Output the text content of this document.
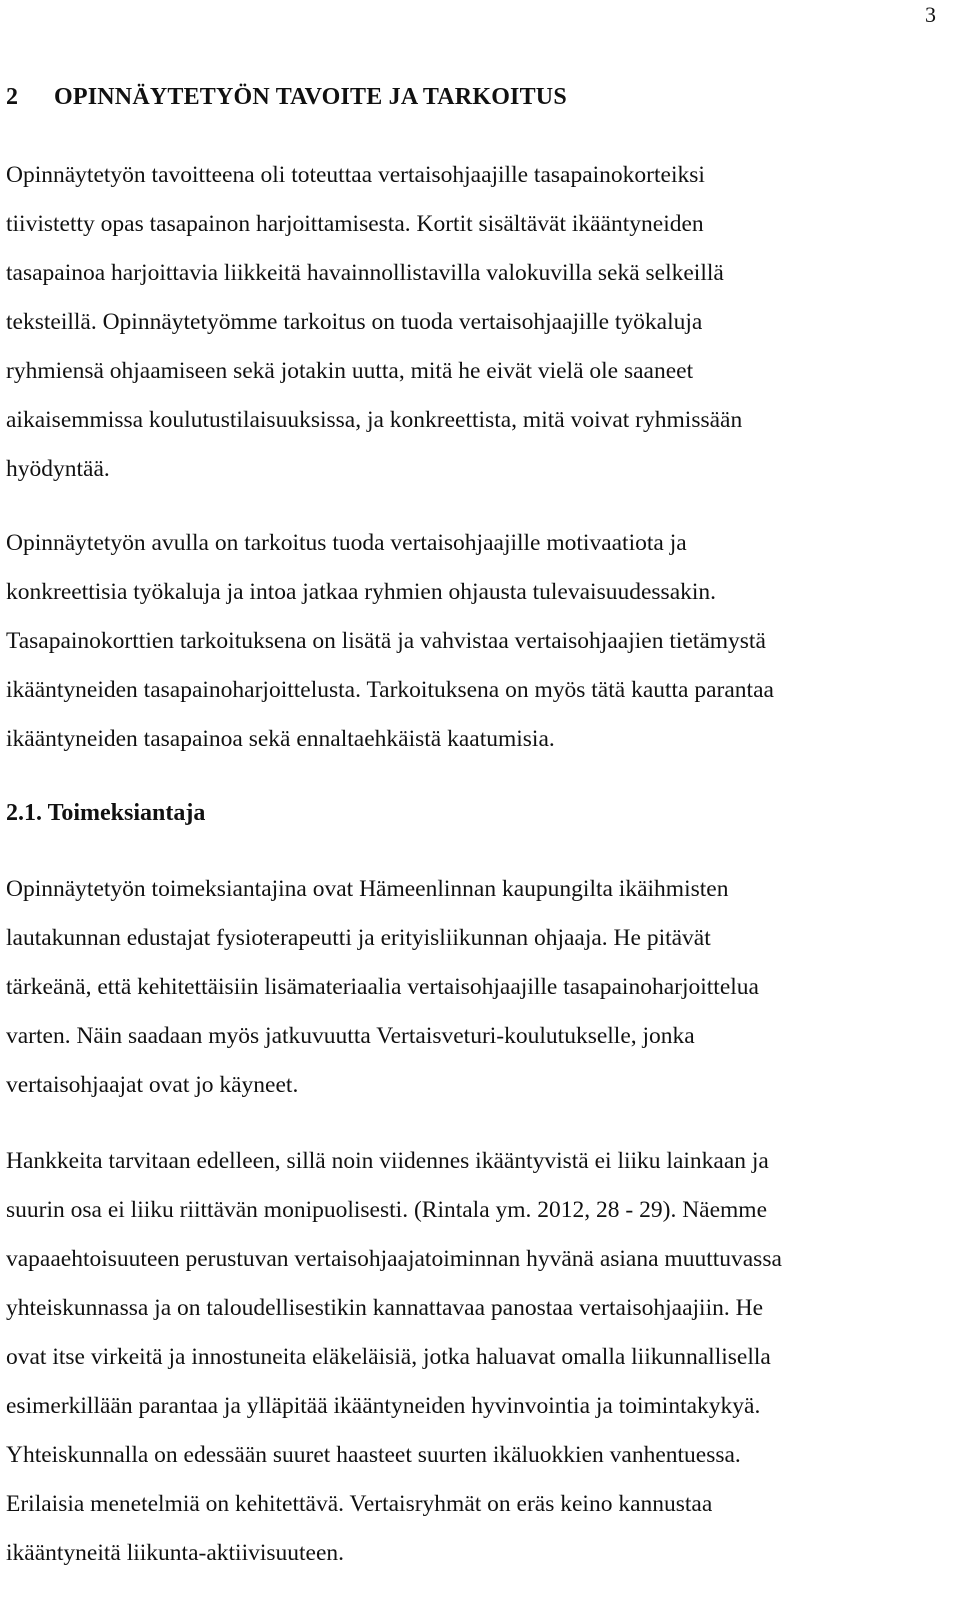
3
2 OPINNÄYTETYÖN TAVOITE JA TARKOITUS

Opinnäytetyön tavoitteena oli toteuttaa vertaisohjaajille tasapainokorteiksi
tiivistetty opas tasapainon harjoittamisesta. Kortit sisältävät ikääntyneiden
tasapainoa harjoittavia liikkeitä havainnollistavilla valokuvilla sekä selkeillä
teksteillä. Opinnäytetyömme tarkoitus on tuoda vertaisohjaajille työkaluja
ryhmiensä ohjaamiseen sekä jotakin uutta, mitä he eivät vielä ole saaneet
aikaisemmissa koulutustilaisuuksissa, ja konkreettista, mitä voivat ryhmissään
hyödyntää.

Opinnäytetyön avulla on tarkoitus tuoda vertaisohjaajille motivaatiota ja
konkreettisia työkaluja ja intoa jatkaa ryhmien ohjausta tulevaisuudessakin.
Tasapainokorttien tarkoituksena on lisätä ja vahvistaa vertaisohjaajien tietämystä
ikääntyneiden tasapainoharjoittelusta. Tarkoituksena on myös tätä kautta parantaa
ikääntyneiden tasapainoa sekä ennaltaehkäistä kaatumisia.

2.1. Toimeksiantaja

Opinnäytetyön toimeksiantajina ovat Hämeenlinnan kaupungilta ikäihmisten
lautakunnan edustajat fysioterapeutti ja erityisliikunnan ohjaaja. He pitävät
tärkeänä, että kehitettäisiin lisämateriaalia vertaisohjaajille tasapainoharjoittelua
varten. Näin saadaan myös jatkuvuutta Vertaisveturi-koulutukselle, jonka
vertaisohjaajat ovat jo käyneet.

Hankkeita tarvitaan edelleen, sillä noin viidennes ikääntyvistä ei liiku lainkaan ja
suurin osa ei liiku riittävän monipuolisesti. (Rintala ym. 2012, 28 - 29). Näemme
vapaaehtoisuuteen perustuvan vertaisohjaajatoiminnan hyvänä asiana muuttuvassa
yhteiskunnassa ja on taloudellisestikin kannattavaa panostaa vertaisohjaajiin. He
ovat itse virkeitä ja innostuneita eläkeläisiä, jotka haluavat omalla liikunnallisella
esimerkillään parantaa ja ylläpitää ikääntyneiden hyvinvointia ja toimintakykyä.
Yhteiskunnalla on edessään suuret haasteet suurten ikäluokkien vanhentuessa.
Erilaisia menetelmiä on kehitettävä. Vertaisryhmät on eräs keino kannustaa
ikääntyneitä liikunta-aktiivisuuteen.
